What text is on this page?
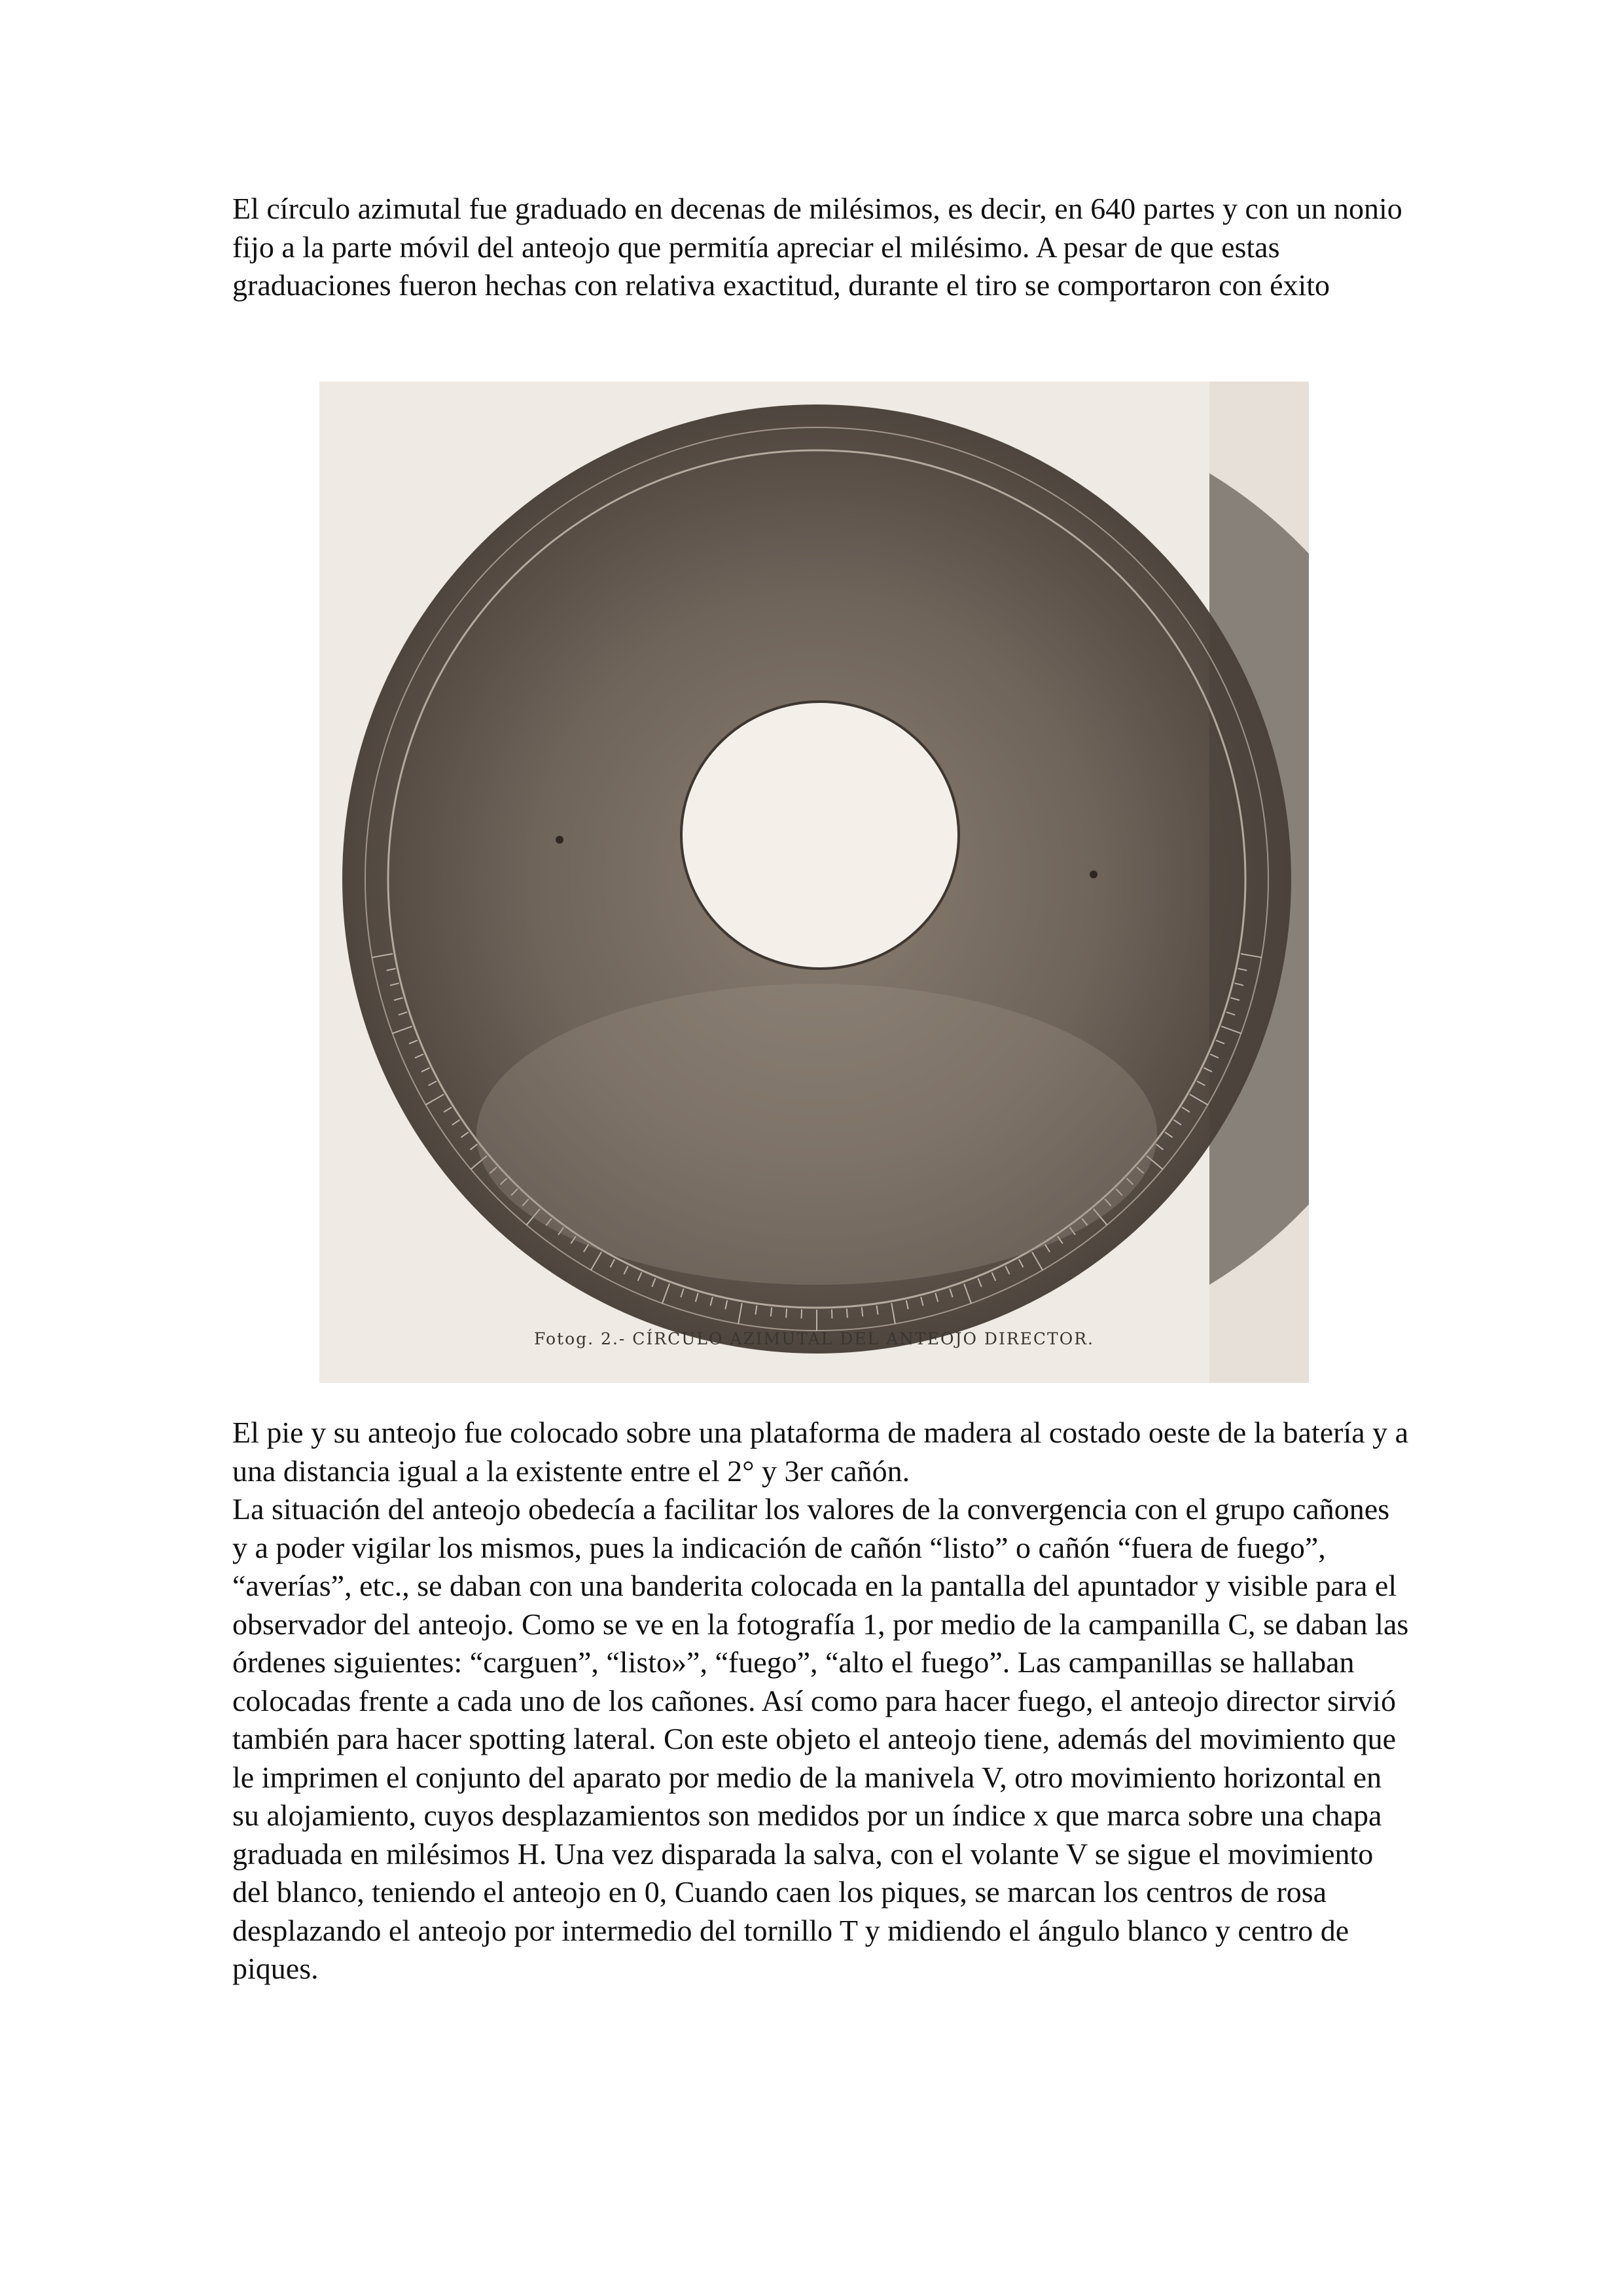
El círculo azimutal fue graduado en decenas de milésimos, es decir, en 640 partes y con un nonio fijo a la parte móvil del anteojo que permitía apreciar el milésimo. A pesar de que estas graduaciones fueron hechas con relativa exactitud, durante el tiro se comportaron con éxito

Fotog. 2.- CÍRCULO AZIMUTAL DEL ANTEOJO DIRECTOR.
El pie y su anteojo fue colocado sobre una plataforma de madera al costado oeste de la batería y a una distancia igual a la existente entre el 2° y 3er cañón.
La situación del anteojo obedecía a facilitar los valores de la convergencia con el grupo cañones y a poder vigilar los mismos, pues la indicación de cañón “listo” o cañón “fuera de fuego”, “averías”, etc., se daban con una banderita colocada en la pantalla del apuntador y visible para el observador del anteojo. Como se ve en la fotografía 1, por medio de la campanilla C, se daban las órdenes siguientes: “carguen”, “listo»”, “fuego”, “alto el fuego”. Las campanillas se hallaban colocadas frente a cada uno de los cañones. Así como para hacer fuego, el anteojo director sirvió también para hacer spotting lateral. Con este objeto el anteojo tiene, además del movimiento que le imprimen el conjunto del aparato por medio de la manivela V, otro movimiento horizontal en su alojamiento, cuyos desplazamientos son medidos por un índice x que marca sobre una chapa graduada en milésimos H. Una vez disparada la salva, con el volante V se sigue el movimiento del blanco, teniendo el anteojo en 0, Cuando caen los piques, se marcan los centros de rosa desplazando el anteojo por intermedio del tornillo T y midiendo el ángulo blanco y centro de piques.
